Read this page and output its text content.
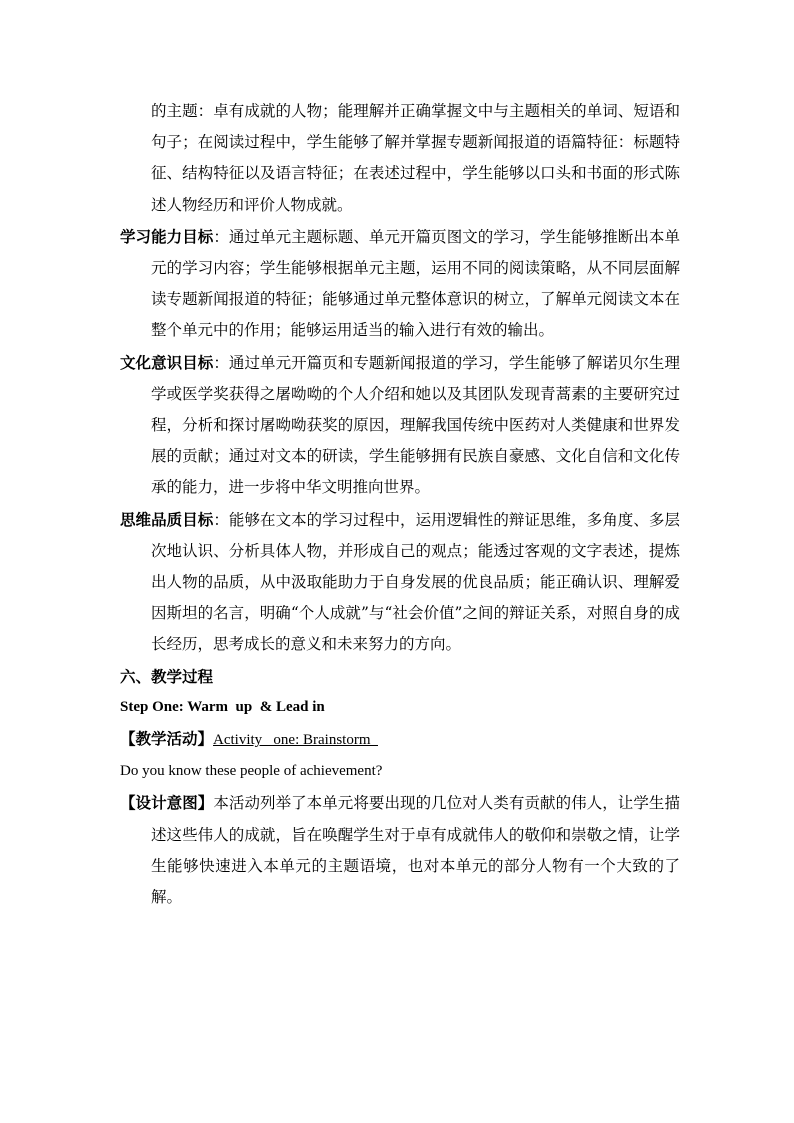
的主题：卓有成就的人物；能理解并正确掌握文中与主题相关的单词、短语和句子；在阅读过程中，学生能够了解并掌握专题新闻报道的语篇特征：标题特征、结构特征以及语言特征；在表述过程中，学生能够以口头和书面的形式陈述人物经历和评价人物成就。

学习能力目标：通过单元主题标题、单元开篇页图文的学习，学生能够推断出本单元的学习内容；学生能够根据单元主题，运用不同的阅读策略，从不同层面解读专题新闻报道的特征；能够通过单元整体意识的树立，了解单元阅读文本在整个单元中的作用；能够运用适当的输入进行有效的输出。

文化意识目标：通过单元开篇页和专题新闻报道的学习，学生能够了解诺贝尔生理学或医学奖获得之屠呦呦的个人介绍和她以及其团队发现青蒿素的主要研究过程，分析和探讨屠呦呦获奖的原因，理解我国传统中医药对人类健康和世界发展的贡献；通过对文本的研读，学生能够拥有民族自豪感、文化自信和文化传承的能力，进一步将中华文明推向世界。

思维品质目标：能够在文本的学习过程中，运用逻辑性的辩证思维，多角度、多层次地认识、分析具体人物，并形成自己的观点；能透过客观的文字表述，提炼出人物的品质，从中汲取能助力于自身发展的优良品质；能正确认识、理解爱因斯坦的名言，明确“个人成就”与“社会价值”之间的辩证关系，对照自身的成长经历，思考成长的意义和未来努力的方向。

六、教学过程

Step One: Warm  up  & Lead in

【教学活动】Activity   one: Brainstorm

Do you know these people of achievement?

【设计意图】本活动列举了本单元将要出现的几位对人类有贡献的伟人，让学生描述这些伟人的成就，旨在唤醒学生对于卓有成就伟人的敬仰和崇敬之情，让学生能够快速进入本单元的主题语境，也对本单元的部分人物有一个大致的了解。
